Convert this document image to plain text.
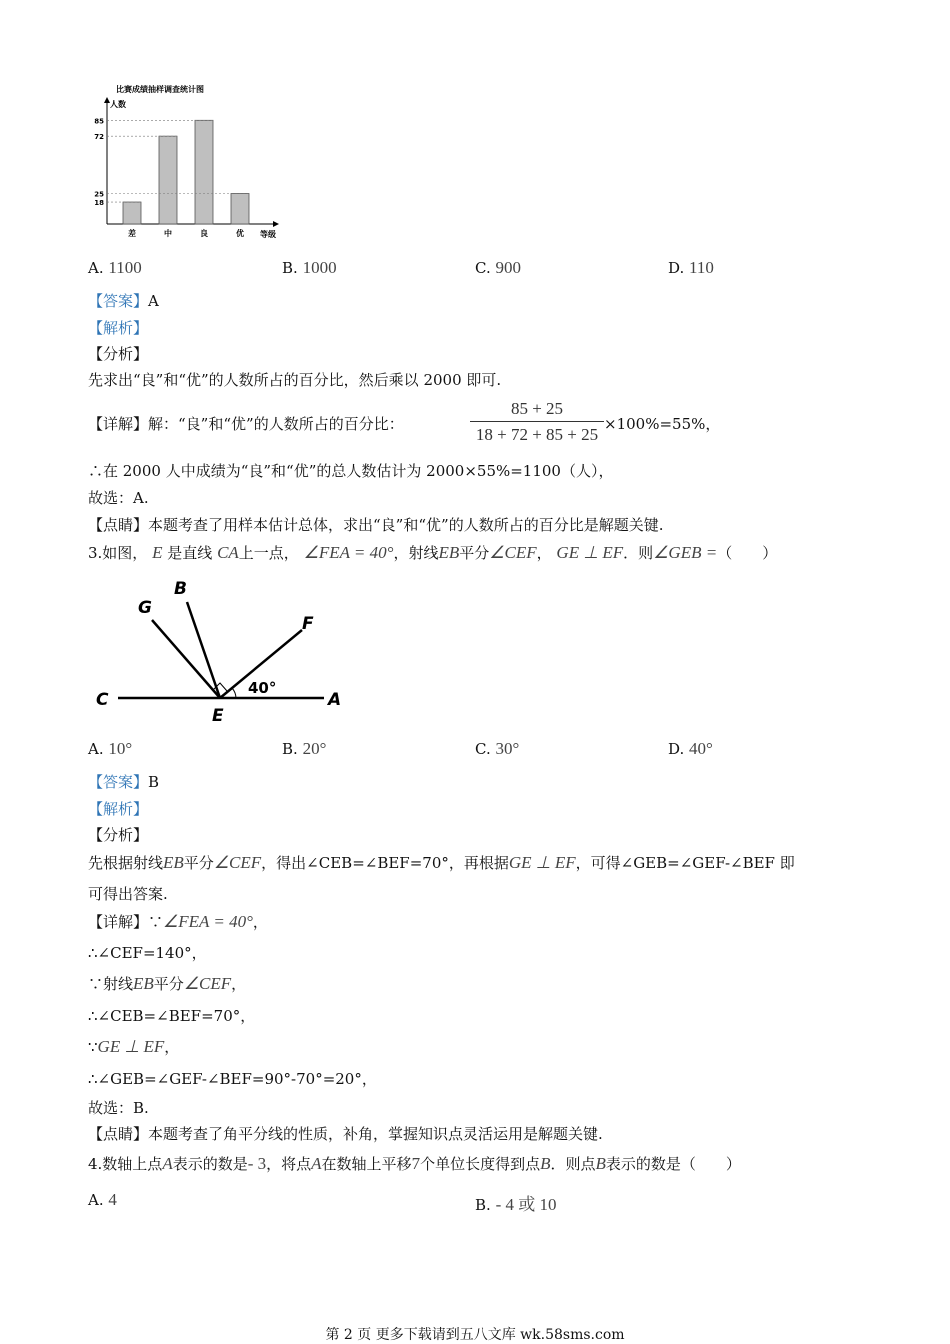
比赛成绩抽样调查统计图
人数
等级
18
25
72
85
差	中	良	优
A. 1100	B. 1000	C. 900	D. 110
【答案】A
【解析】
【分析】
先求出“良”和“优”的人数所占的百分比，然后乘以 2000 即可.
【详解】解：“良”和“优”的人数所占的百分比：
85 + 25
18 + 72 + 85 + 25
×100%=55%，
∴在 2000 人中成绩为“良”和“优”的总人数估计为 2000×55%=1100（人），
故选：A.
【点睛】本题考查了用样本估计总体，求出“良”和“优”的人数所占的百分比是解题关键.
3.如图， E 是直线 CA上一点， ∠FEA = 40°，射线EB平分∠CEF， GE ⊥ EF．则∠GEB =（　　）
G
B
F
C
E
A
40°
A. 10°	B. 20°	C. 30°	D. 40°
【答案】B
【解析】
【分析】
先根据射线EB平分∠CEF，得出∠CEB=∠BEF=70°，再根据GE ⊥ EF，可得∠GEB=∠GEF-∠BEF 即
可得出答案.
【详解】∵∠FEA = 40°，
∴∠CEF=140°，
∵射线EB平分∠CEF，
∴∠CEB=∠BEF=70°，
∵GE ⊥ EF，
∴∠GEB=∠GEF-∠BEF=90°-70°=20°，
故选：B.
【点睛】本题考查了角平分线的性质，补角，掌握知识点灵活运用是解题关键.
4.数轴上点A表示的数是- 3，将点A在数轴上平移7个单位长度得到点B．则点B表示的数是（　　）
A. 4	B. - 4 或 10
第 2 页 更多下载请到五八文库 wk.58sms.com
